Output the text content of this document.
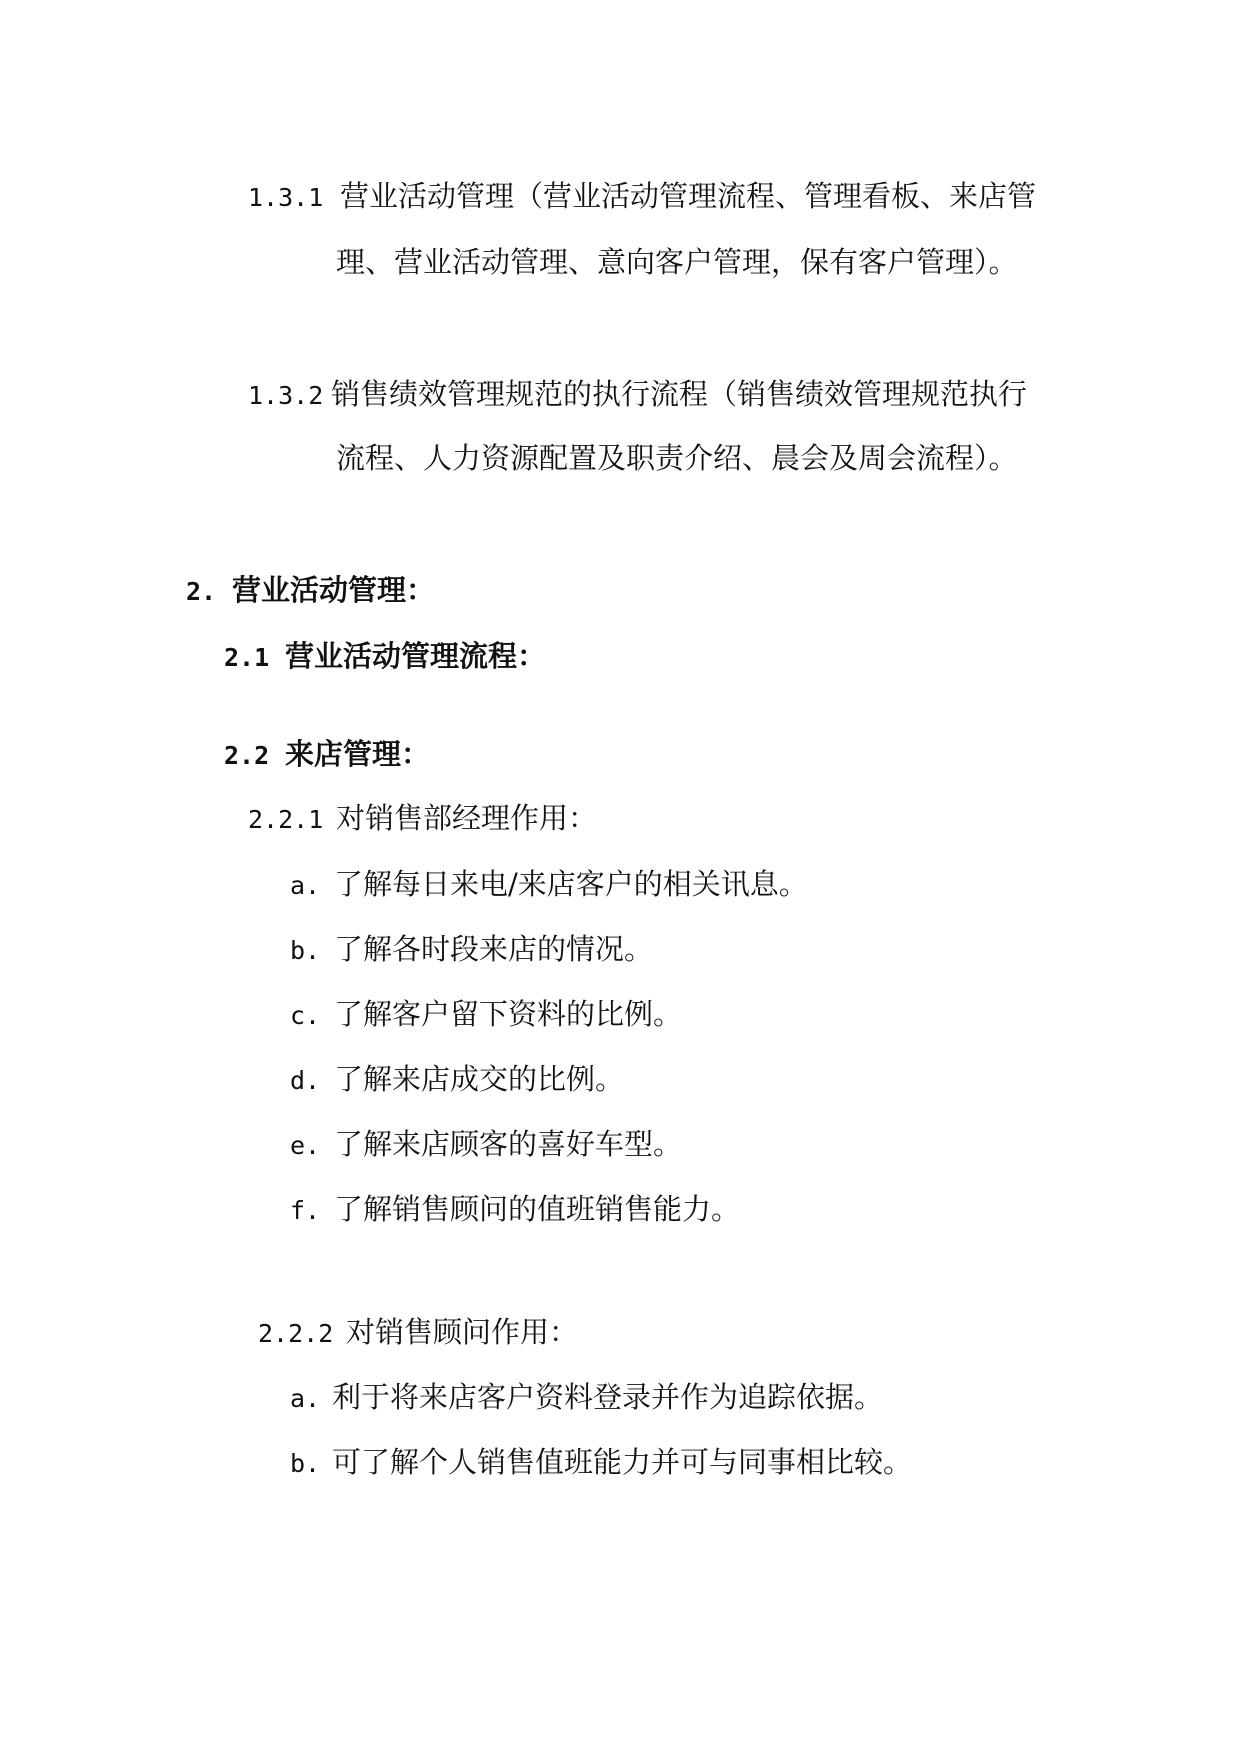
1.3.1 营业活动管理（营业活动管理流程、管理看板、来店管
理、营业活动管理、意向客户管理，保有客户管理）。
1.3.2 销售绩效管理规范的执行流程（销售绩效管理规范执行
流程、人力资源配置及职责介绍、晨会及周会流程）。
2. 营业活动管理：
2.1 营业活动管理流程：
2.2 来店管理：
2.2.1 对销售部经理作用：
a. 了解每日来电/来店客户的相关讯息。
b. 了解各时段来店的情况。
c. 了解客户留下资料的比例。
d. 了解来店成交的比例。
e. 了解来店顾客的喜好车型。
f. 了解销售顾问的值班销售能力。
2.2.2 对销售顾问作用：
a. 利于将来店客户资料登录并作为追踪依据。
b. 可了解个人销售值班能力并可与同事相比较。
